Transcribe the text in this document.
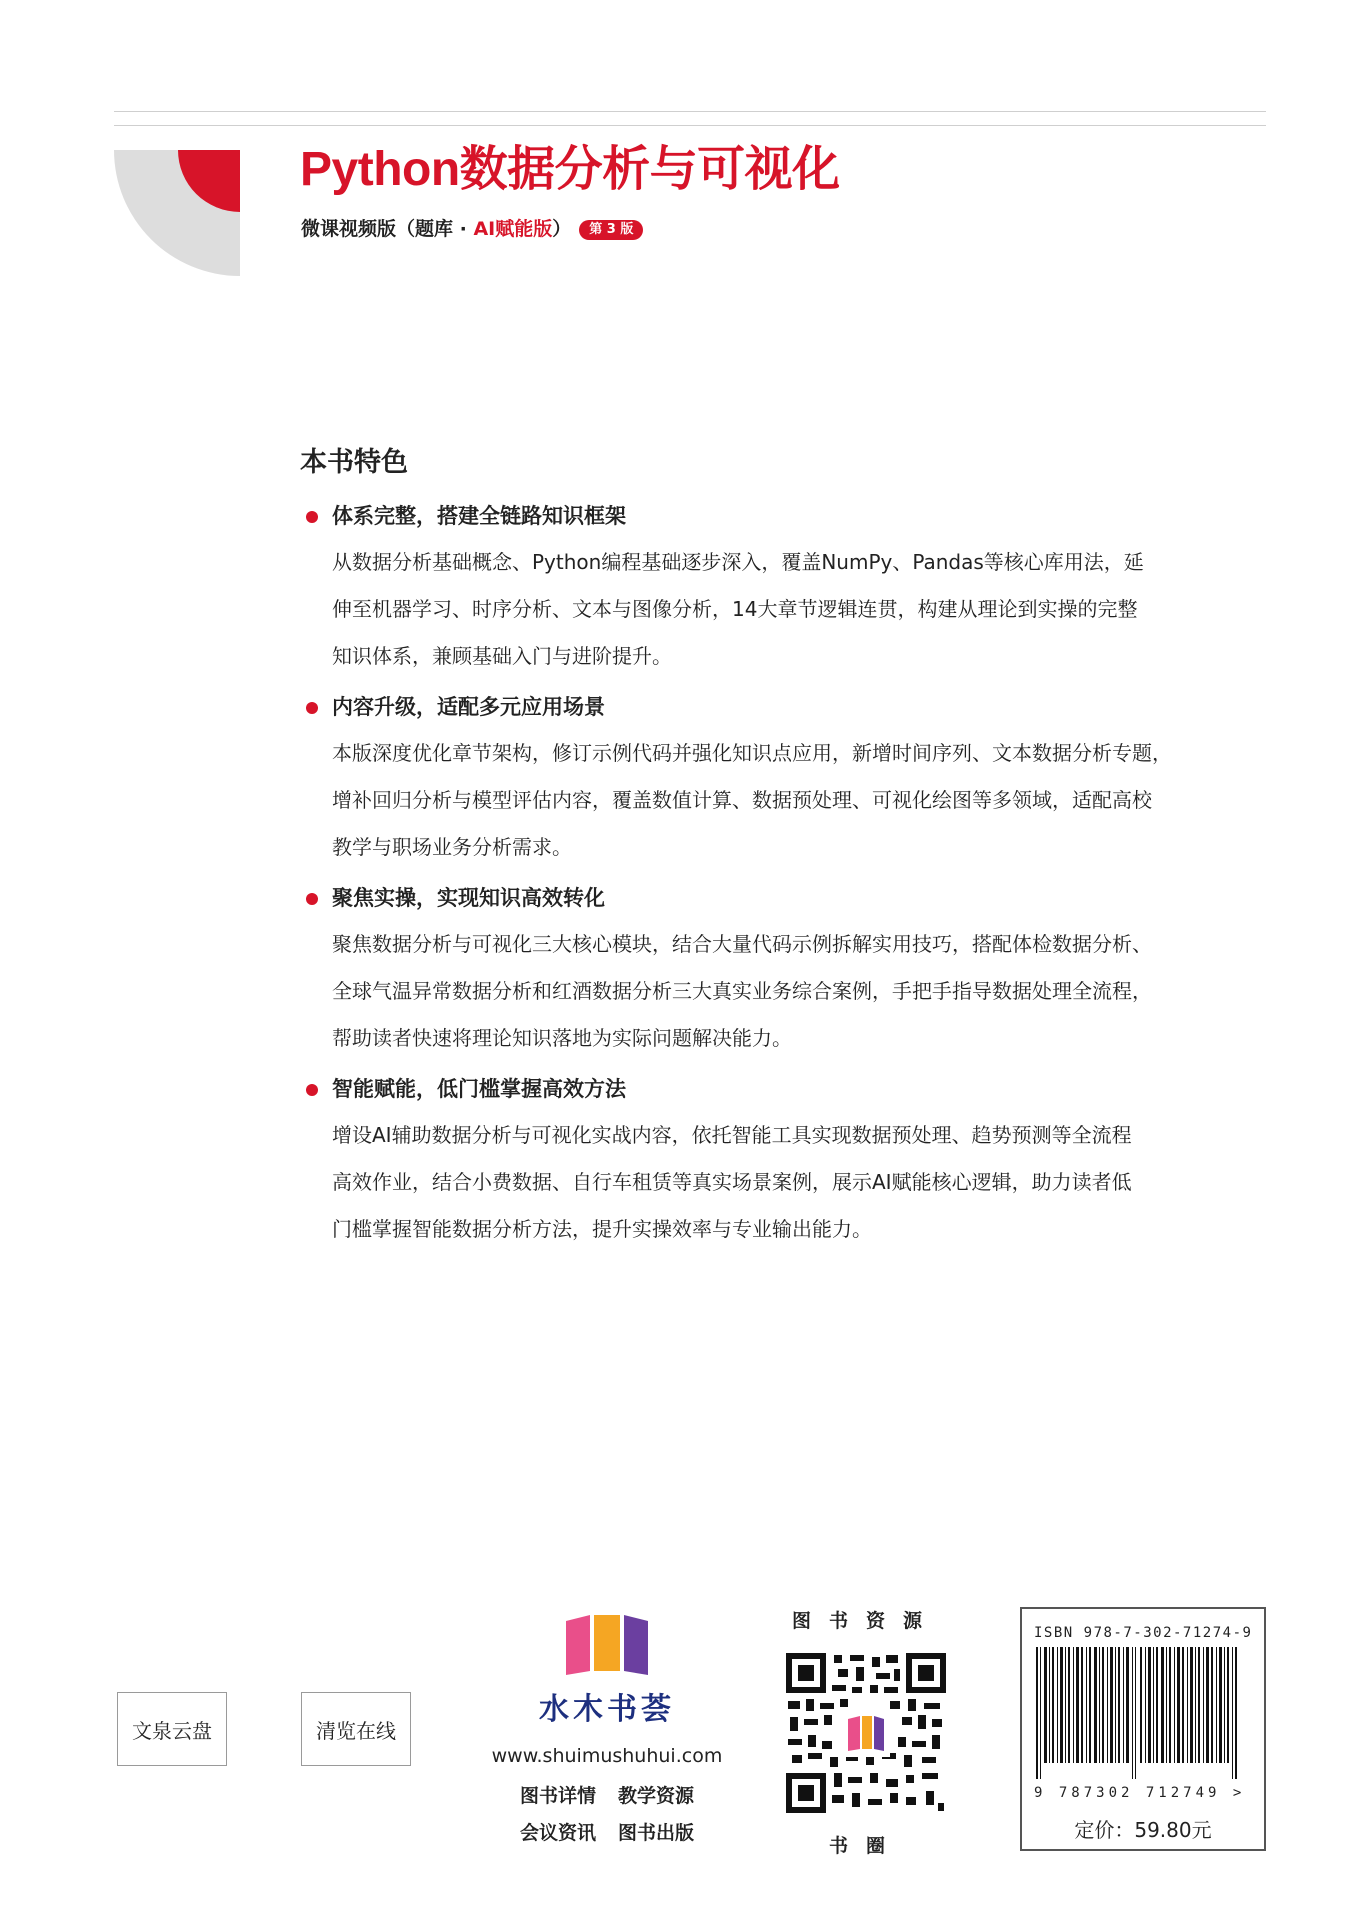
Python数据分析与可视化
微课视频版（题库 · AI赋能版） 第 3 版
本书特色
体系完整，搭建全链路知识框架
从数据分析基础概念、Python编程基础逐步深入，覆盖NumPy、Pandas等核心库用法，延
伸至机器学习、时序分析、文本与图像分析，14大章节逻辑连贯，构建从理论到实操的完整
知识体系，兼顾基础入门与进阶提升。
内容升级，适配多元应用场景
本版深度优化章节架构，修订示例代码并强化知识点应用，新增时间序列、文本数据分析专题，
增补回归分析与模型评估内容，覆盖数值计算、数据预处理、可视化绘图等多领域，适配高校
教学与职场业务分析需求。
聚焦实操，实现知识高效转化
聚焦数据分析与可视化三大核心模块，结合大量代码示例拆解实用技巧，搭配体检数据分析、
全球气温异常数据分析和红酒数据分析三大真实业务综合案例，手把手指导数据处理全流程，
帮助读者快速将理论知识落地为实际问题解决能力。
智能赋能，低门槛掌握高效方法
增设AI辅助数据分析与可视化实战内容，依托智能工具实现数据预处理、趋势预测等全流程
高效作业，结合小费数据、自行车租赁等真实场景案例，展示AI赋能核心逻辑，助力读者低
门槛掌握智能数据分析方法，提升实操效率与专业输出能力。
文泉云盘	清览在线
水木书荟
www.shuimushuhui.com
图书详情 教学资源
会议资讯 图书出版
图书资源
书圈
ISBN 978-7-302-71274-9
9 787302 712749 >
定价：59.80元
